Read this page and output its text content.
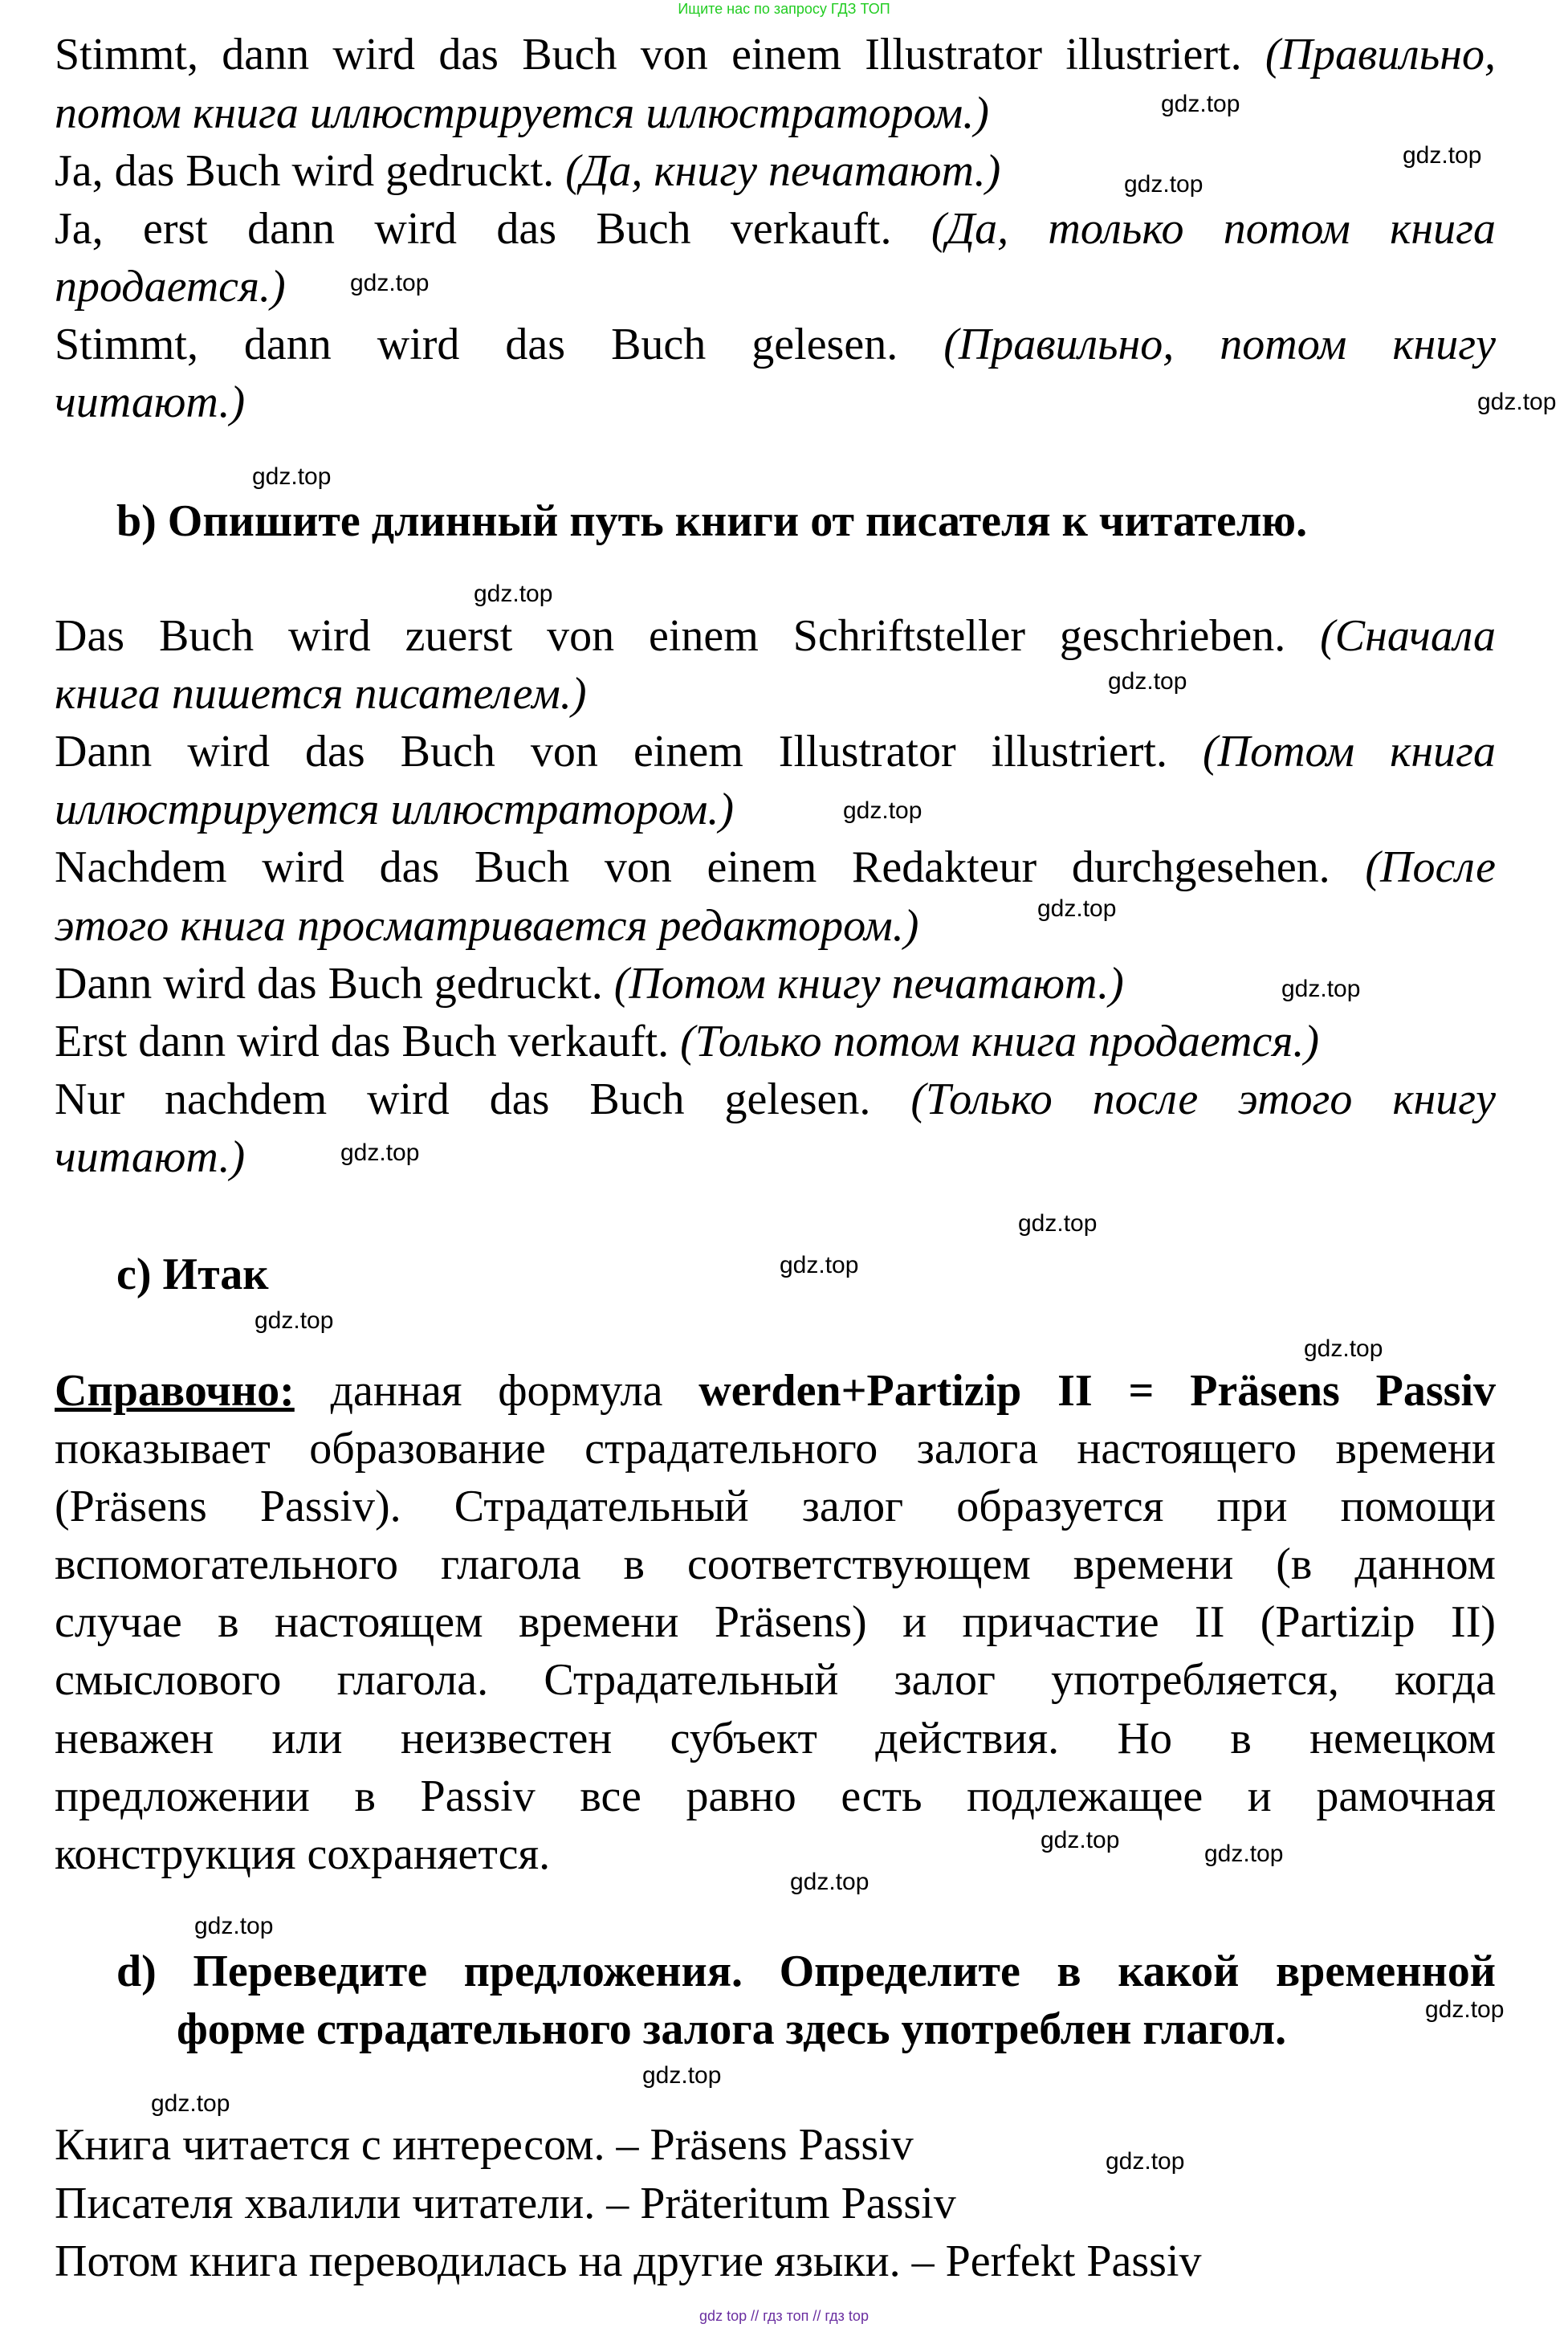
Ищите нас по запросу ГДЗ ТОП
Stimmt, dann wird das Buch von einem Illustrator illustriert. (Правильно,
потом книга иллюстрируется иллюстратором.)
Ja, das Buch wird gedruckt. (Да, книгу печатают.)
Ja, erst dann wird das Buch verkauft. (Да, только потом книга
продается.)
Stimmt, dann wird das Buch gelesen. (Правильно, потом книгу
читают.)
b) Опишите длинный путь книги от писателя к читателю.
Das Buch wird zuerst von einem Schriftsteller geschrieben. (Сначала
книга пишется писателем.)
Dann wird das Buch von einem Illustrator illustriert. (Потом книга
иллюстрируется иллюстратором.)
Nachdem wird das Buch von einem Redakteur durchgesehen. (После
этого книга просматривается редактором.)
Dann wird das Buch gedruckt. (Потом книгу печатают.)
Erst dann wird das Buch verkauft. (Только потом книга продается.)
Nur nachdem wird das Buch gelesen. (Только после этого книгу
читают.)
c) Итак
Справочно: данная формула werden+Partizip II = Präsens Passiv
показывает образование страдательного залога настоящего времени
(Präsens Passiv). Страдательный залог образуется при помощи
вспомогательного глагола в соответствующем времени (в данном
случае в настоящем времени Präsens) и причастие II (Partizip II)
смыслового глагола. Страдательный залог употребляется, когда
неважен или неизвестен субъект действия. Но в немецком
предложении в Passiv все равно есть подлежащее и рамочная
конструкция сохраняется.
d) Переведите предложения. Определите в какой временной
форме страдательного залога здесь употреблен глагол.
Книга читается с интересом. – Präsens Passiv
Писателя хвалили читатели. – Präteritum Passiv
Потом книга переводилась на другие языки. – Perfekt Passiv
gdz.top
gdz.top
gdz.top
gdz.top
gdz.top
gdz.top
gdz.top
gdz.top
gdz.top
gdz.top
gdz.top
gdz.top
gdz.top
gdz.top
gdz.top
gdz.top
gdz.top
gdz.top
gdz.top
gdz.top
gdz.top
gdz.top
gdz.top
gdz.top
gdz top // гдз топ // гдз top
